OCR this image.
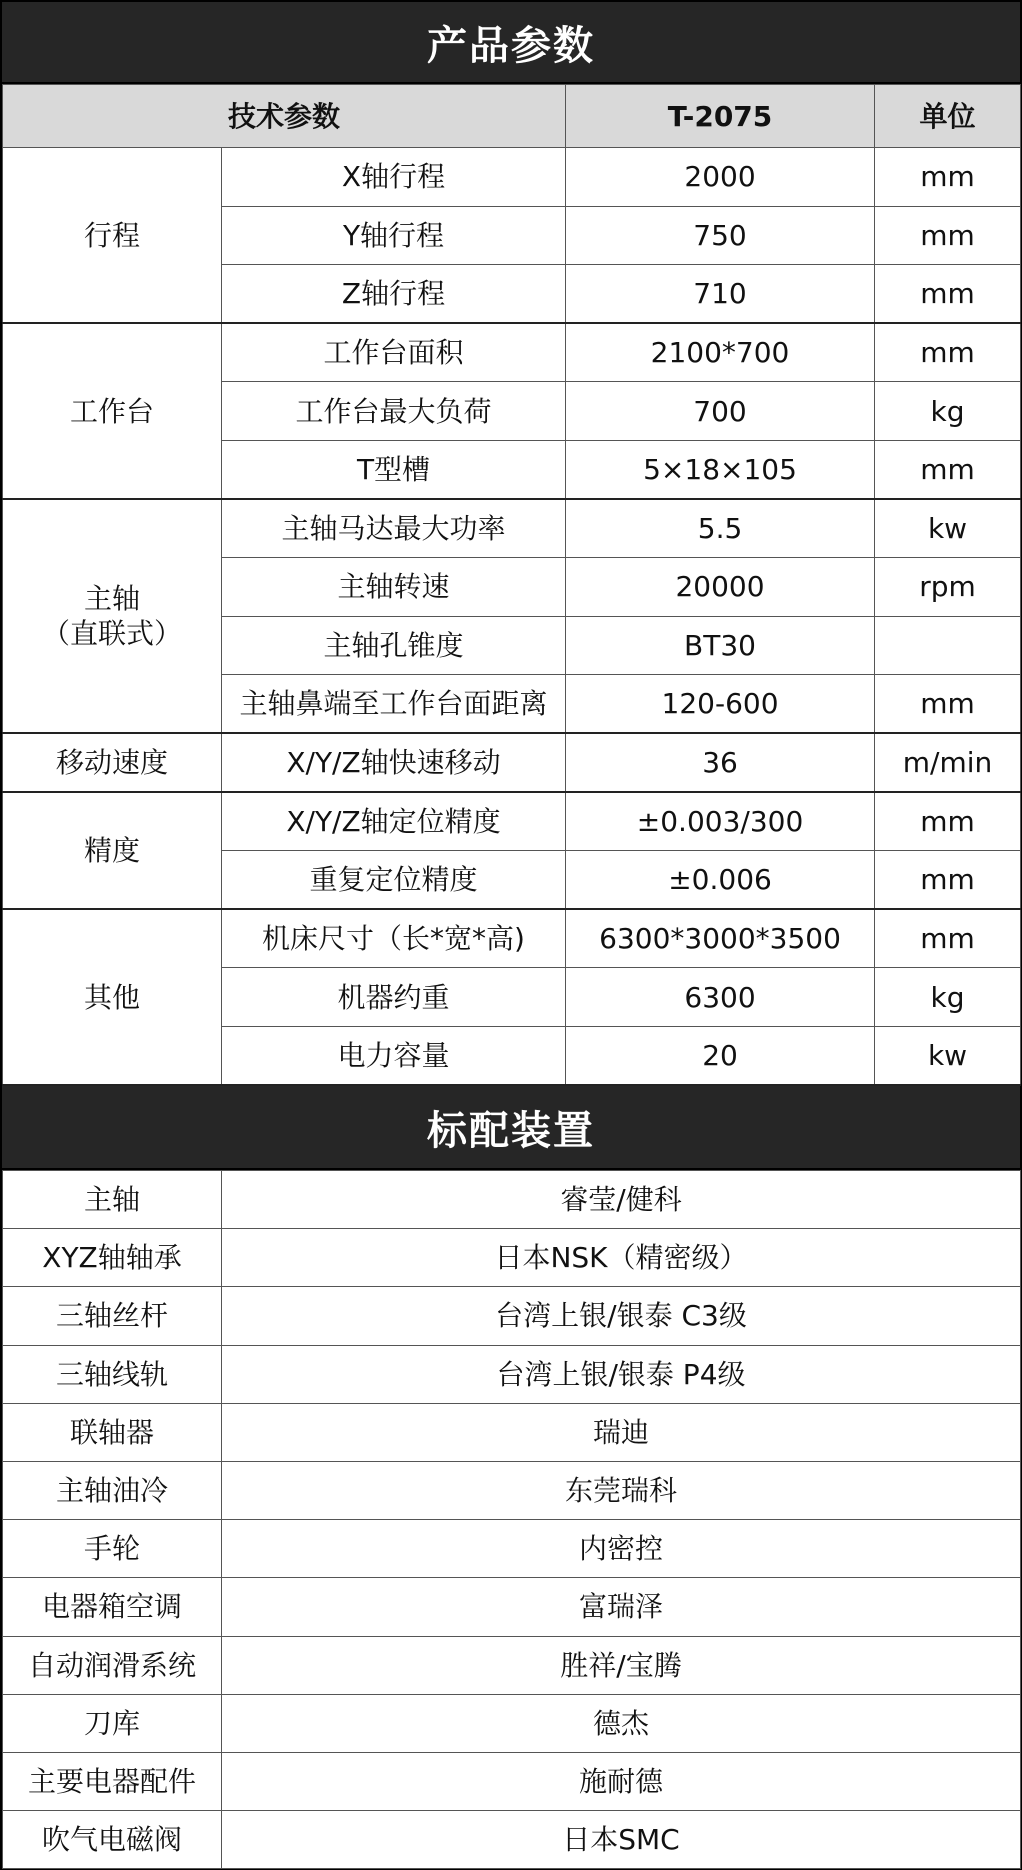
产品参数
技术参数		T-2075	单位

行程	X轴行程	2000	mm
	Y轴行程	750	mm
	Z轴行程	710	mm

工作台	工作台面积	2100*700	mm
	工作台最大负荷	700	kg
	T型槽	5×18×105	mm

主轴
（直联式）	主轴马达最大功率	5.5	kw
	主轴转速	20000	rpm
	主轴孔锥度	BT30	
	主轴鼻端至工作台面距离	120-600	mm

移动速度	X/Y/Z轴快速移动	36	m/min

精度	X/Y/Z轴定位精度	±0.003/300	mm
	重复定位精度	±0.006	mm

其他	机床尺寸（长*宽*高)	6300*3000*3500	mm
	机器约重	6300	kg
	电力容量	20	kw
标配装置
主轴	睿莹/健科
XYZ轴轴承	日本NSK（精密级）
三轴丝杆	台湾上银/银泰 C3级
三轴线轨	台湾上银/银泰 P4级
联轴器	瑞迪
主轴油冷	东莞瑞科
手轮	内密控
电器箱空调	富瑞泽
自动润滑系统	胜祥/宝腾
刀库	德杰
主要电器配件	施耐德
吹气电磁阀	日本SMC
